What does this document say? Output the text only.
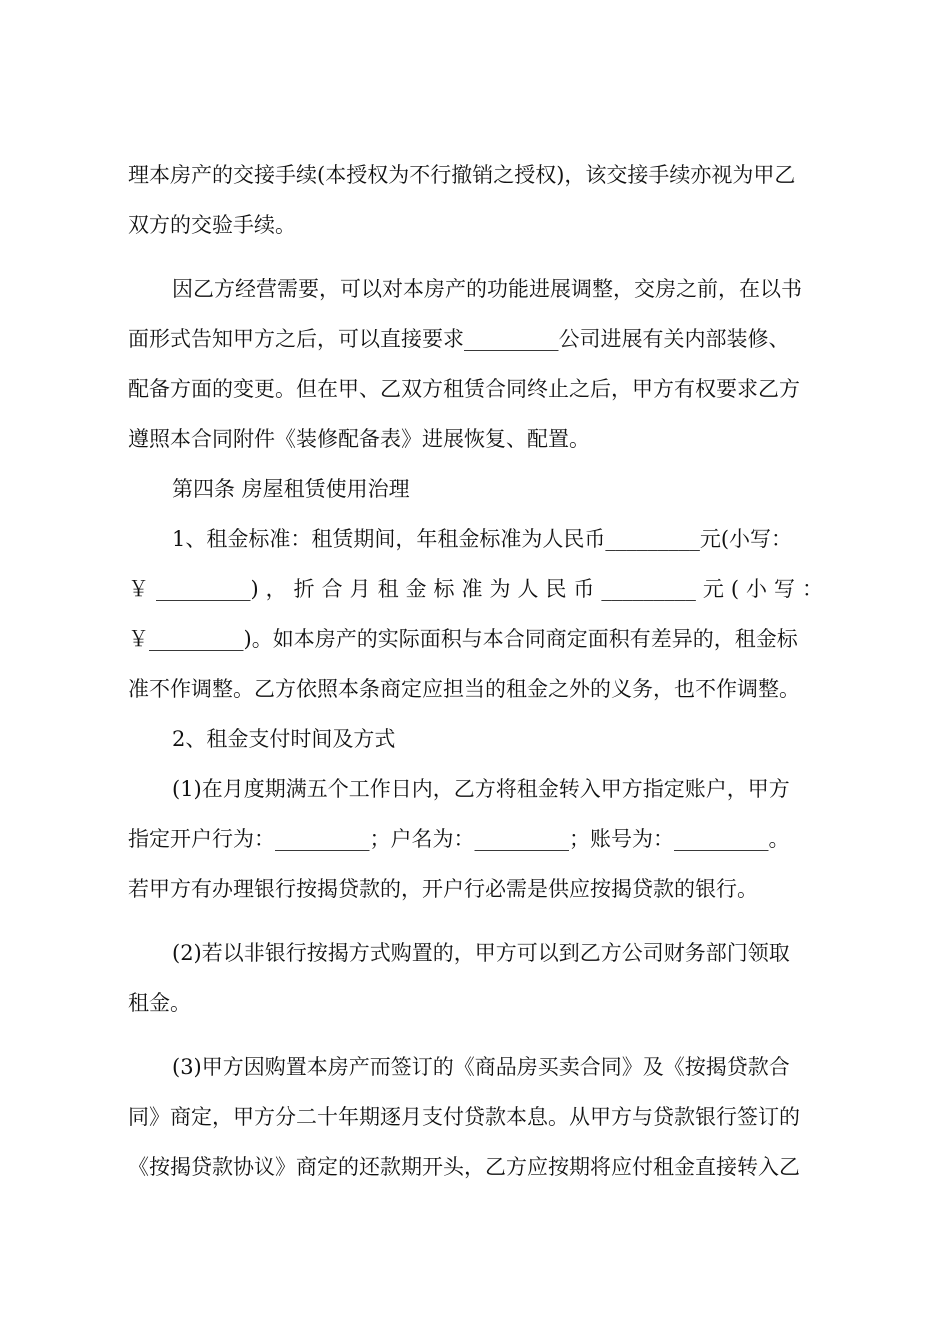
理本房产的交接手续(本授权为不行撤销之授权)，该交接手续亦视为甲乙
双方的交验手续。
因乙方经营需要，可以对本房产的功能进展调整，交房之前，在以书
面形式告知甲方之后，可以直接要求_________公司进展有关内部装修、
配备方面的变更。但在甲、乙双方租赁合同终止之后，甲方有权要求乙方
遵照本合同附件《装修配备表》进展恢复、配置。
第四条 房屋租赁使用治理
1、租金标准：租赁期间，年租金标准为人民币_________元(小写：
￥_________)，折合月租金标准为人民币_________元(小写：
￥_________)。如本房产的实际面积与本合同商定面积有差异的，租金标
准不作调整。乙方依照本条商定应担当的租金之外的义务，也不作调整。
2、租金支付时间及方式
(1)在月度期满五个工作日内，乙方将租金转入甲方指定账户，甲方
指定开户行为：_________；户名为：_________；账号为：_________。
若甲方有办理银行按揭贷款的，开户行必需是供应按揭贷款的银行。
(2)若以非银行按揭方式购置的，甲方可以到乙方公司财务部门领取
租金。
(3)甲方因购置本房产而签订的《商品房买卖合同》及《按揭贷款合
同》商定，甲方分二十年期逐月支付贷款本息。从甲方与贷款银行签订的
《按揭贷款协议》商定的还款期开头，乙方应按期将应付租金直接转入乙
